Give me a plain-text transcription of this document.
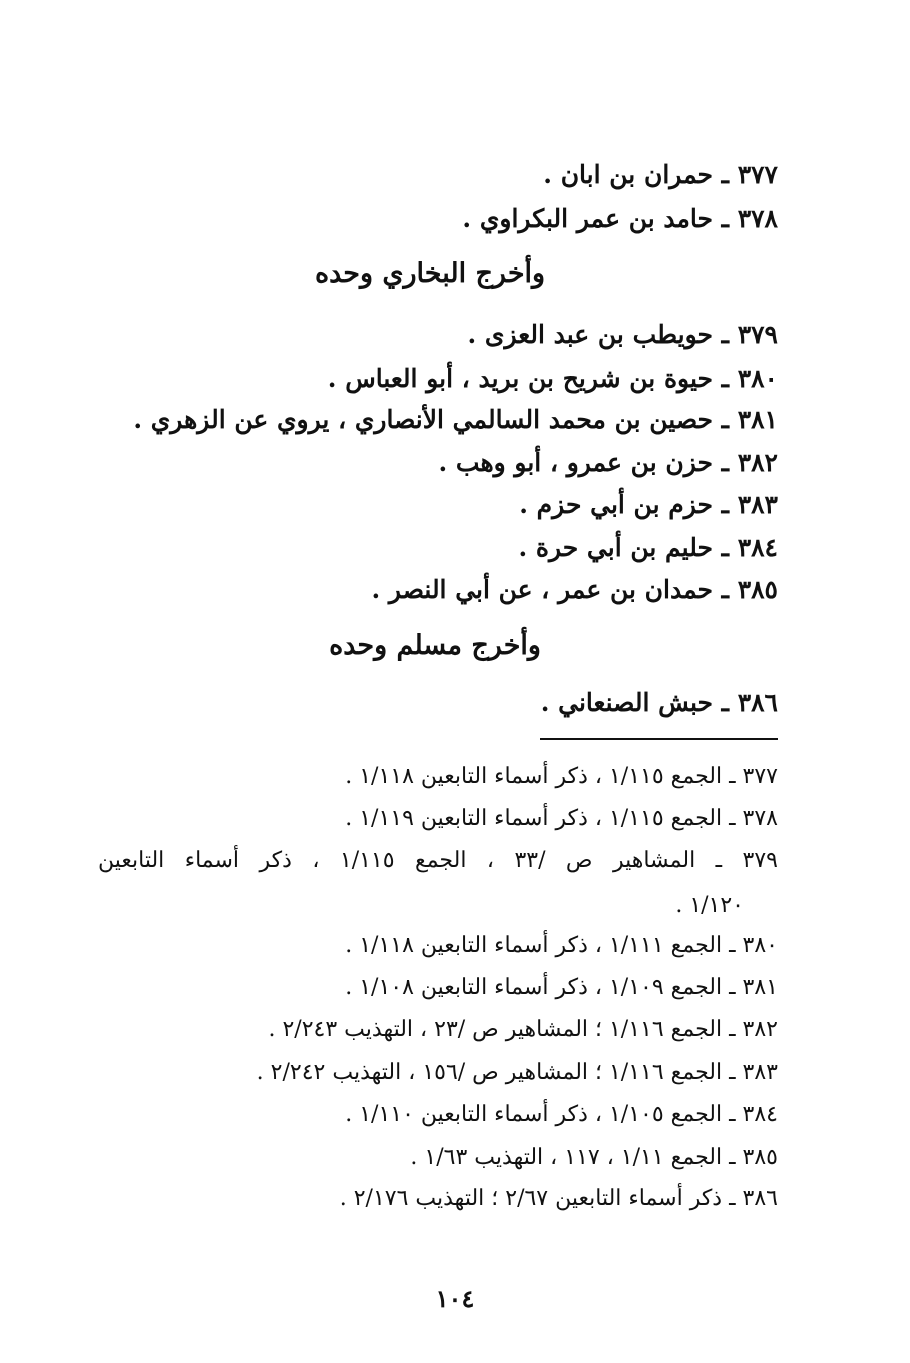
٣٧٧ ـ حمران بن ابان .
٣٧٨ ـ حامد بن عمر البكراوي .
وأخرج البخاري وحده
٣٧٩ ـ حويطب بن عبد العزى .
٣٨٠ ـ حيوة بن شريح بن بريد ، أبو العباس .
٣٨١ ـ حصين بن محمد السالمي الأنصاري ، يروي عن الزهري .
٣٨٢ ـ حزن بن عمرو ، أبو وهب .
٣٨٣ ـ حزم بن أبي حزم .
٣٨٤ ـ حليم بن أبي حرة .
٣٨٥ ـ حمدان بن عمر ، عن أبي النصر .
وأخرج مسلم وحده
٣٨٦ ـ حبش الصنعاني .
٣٧٧ ـ الجمع ١/١١٥ ، ذكر أسماء التابعين ١/١١٨ .
٣٧٨ ـ الجمع ١/١١٥ ، ذكر أسماء التابعين ١/١١٩ .
٣٧٩ ـ المشاهير ص /٣٣ ، الجمع ١/١١٥ ، ذكر أسماء التابعين
١/١٢٠ .
٣٨٠ ـ الجمع ١/١١١ ، ذكر أسماء التابعين ١/١١٨ .
٣٨١ ـ الجمع ١/١٠٩ ، ذكر أسماء التابعين ١/١٠٨ .
٣٨٢ ـ الجمع ١/١١٦ ؛ المشاهير ص /٢٣ ، التهذيب ٢/٢٤٣ .
٣٨٣ ـ الجمع ١/١١٦ ؛ المشاهير ص /١٥٦ ، التهذيب ٢/٢٤٢ .
٣٨٤ ـ الجمع ١/١٠٥ ، ذكر أسماء التابعين ١/١١٠ .
٣٨٥ ـ الجمع ١/١١ ، ١١٧ ، التهذيب ١/٦٣ .
٣٨٦ ـ ذكر أسماء التابعين ٢/٦٧ ؛ التهذيب ٢/١٧٦ .
١٠٤
